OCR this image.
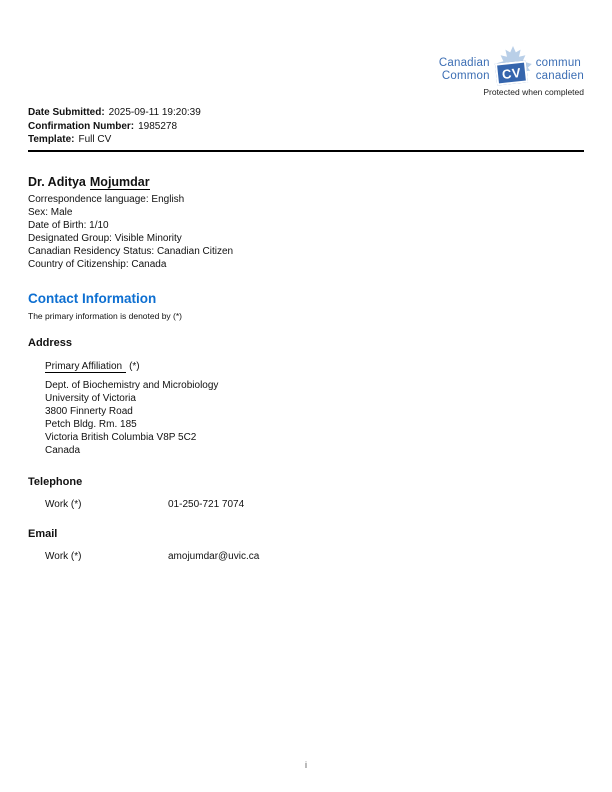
Canadian
Common CV
commun
canadien
Protected when completed
Date Submitted: 2025-09-11 19:20:39
Confirmation Number: 1985278
Template: Full CV
Dr. Aditya Mojumdar
Correspondence language: English
Sex: Male
Date of Birth: 1/10
Designated Group: Visible Minority
Canadian Residency Status: Canadian Citizen
Country of Citizenship: Canada
Contact Information
The primary information is denoted by (*)
Address
Primary Affiliation (*)
Dept. of Biochemistry and Microbiology
University of Victoria
3800 Finnerty Road
Petch Bldg. Rm. 185
Victoria British Columbia V8P 5C2
Canada
Telephone
Work (*)	01-250-721 7074
Email
Work (*)	amojumdar@uvic.ca
i
